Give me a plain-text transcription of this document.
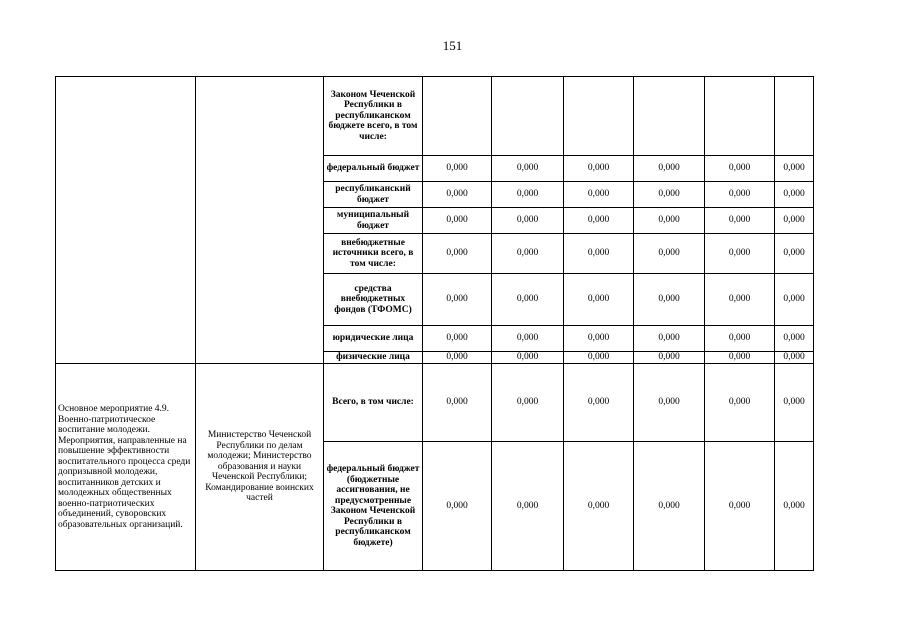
151
		Законом Чеченской Республики в республиканском бюджете всего, в том числе:						
		федеральный бюджет	0,000	0,000	0,000	0,000	0,000	0,000
		республиканский бюджет	0,000	0,000	0,000	0,000	0,000	0,000
		муниципальный бюджет	0,000	0,000	0,000	0,000	0,000	0,000
		внебюджетные источники всего, в том числе:	0,000	0,000	0,000	0,000	0,000	0,000
		средства внебюджетных фондов (ТФОМС)	0,000	0,000	0,000	0,000	0,000	0,000
		юридические лица	0,000	0,000	0,000	0,000	0,000	0,000
		физические лица	0,000	0,000	0,000	0,000	0,000	0,000
Основное мероприятие 4.9. Военно-патриотическое воспитание молодежи. Мероприятия, направленные на повышение эффективности воспитательного процесса среди допризывной молодежи, воспитанников детских и молодежных общественных военно-патриотических объединений, суворовских образовательных организаций.	Министерство Чеченской Республики по делам молодежи; Министерство образования и науки Чеченской Республики; Командирование воинских частей	Всего, в том числе:	0,000	0,000	0,000	0,000	0,000	0,000
		федеральный бюджет (бюджетные ассигнования, не предусмотренные Законом Чеченской Республики в республиканском бюджете)	0,000	0,000	0,000	0,000	0,000	0,000
